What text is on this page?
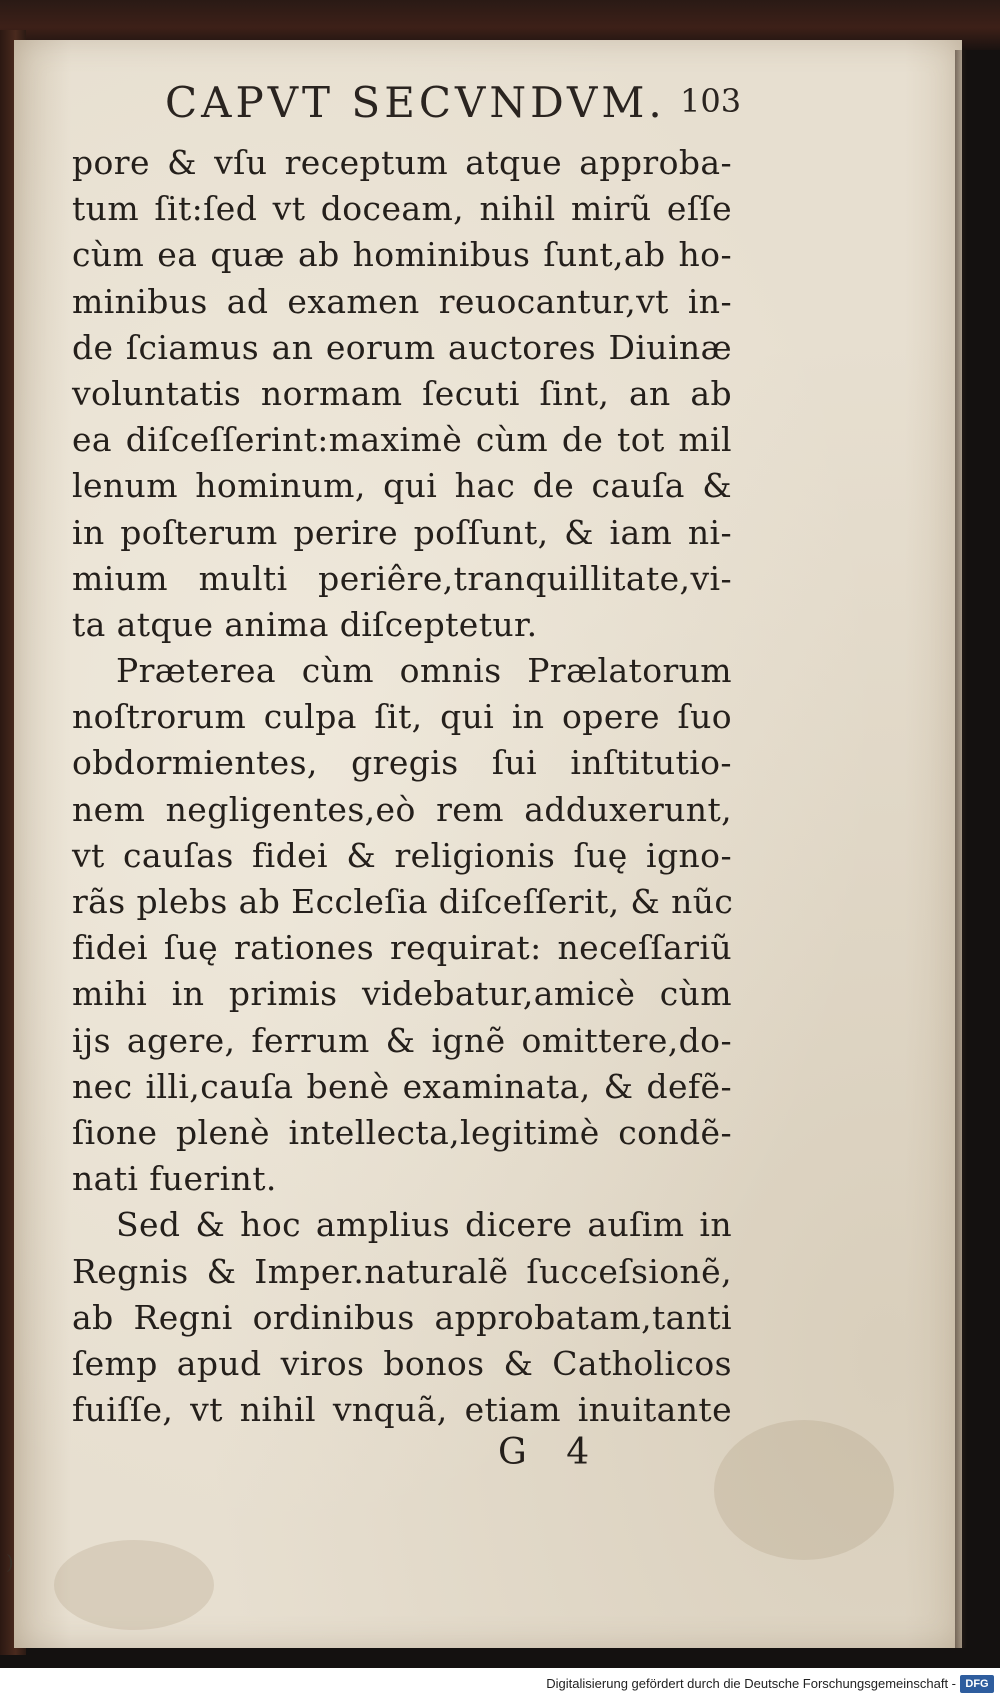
CAPVT SECVNDVM. 103
pore & vſu receptum atque approba-
tum ſit:ſed vt doceam, nihil mirũ eſſe
cùm ea quæ ab hominibus ſunt,ab ho-
minibus ad examen reuocantur,vt in-
de ſciamus an eorum auctores Diuinæ
voluntatis normam ſecuti ſint, an ab
ea diſceſſerint:maximè cùm de tot mil
lenum hominum, qui hac de cauſa &
in poſterum perire poſſunt, & iam ni-
mium multi periêre,tranquillitate,vi-
ta atque anima diſceptetur.
Præterea cùm omnis Prælatorum
noſtrorum culpa ſit, qui in opere ſuo
obdormientes, gregis ſui inſtitutio-
nem negligentes,eò rem adduxerunt,
vt cauſas fidei & religionis ſuę igno-
rãs plebs ab Eccleſia diſceſſerit, & nũc
fidei ſuę rationes requirat: neceſſariũ
mihi in primis videbatur,amicè cùm
ijs agere, ferrum & ignẽ omittere,do-
nec illi,cauſa benè examinata, & defẽ-
ſione plenè intellecta,legitimè condẽ-
nati fuerint.
Sed & hoc amplius dicere auſim in
Regnis & Imper.naturalẽ ſucceſsionẽ,
ab Regni ordinibus approbatam,tanti
ſemp apud viros bonos & Catholicos
fuiſſe, vt nihil vnquã, etiam inuitante
G 4
)
Digitalisierung gefördert durch die Deutsche Forschungsgemeinschaft - DFG
